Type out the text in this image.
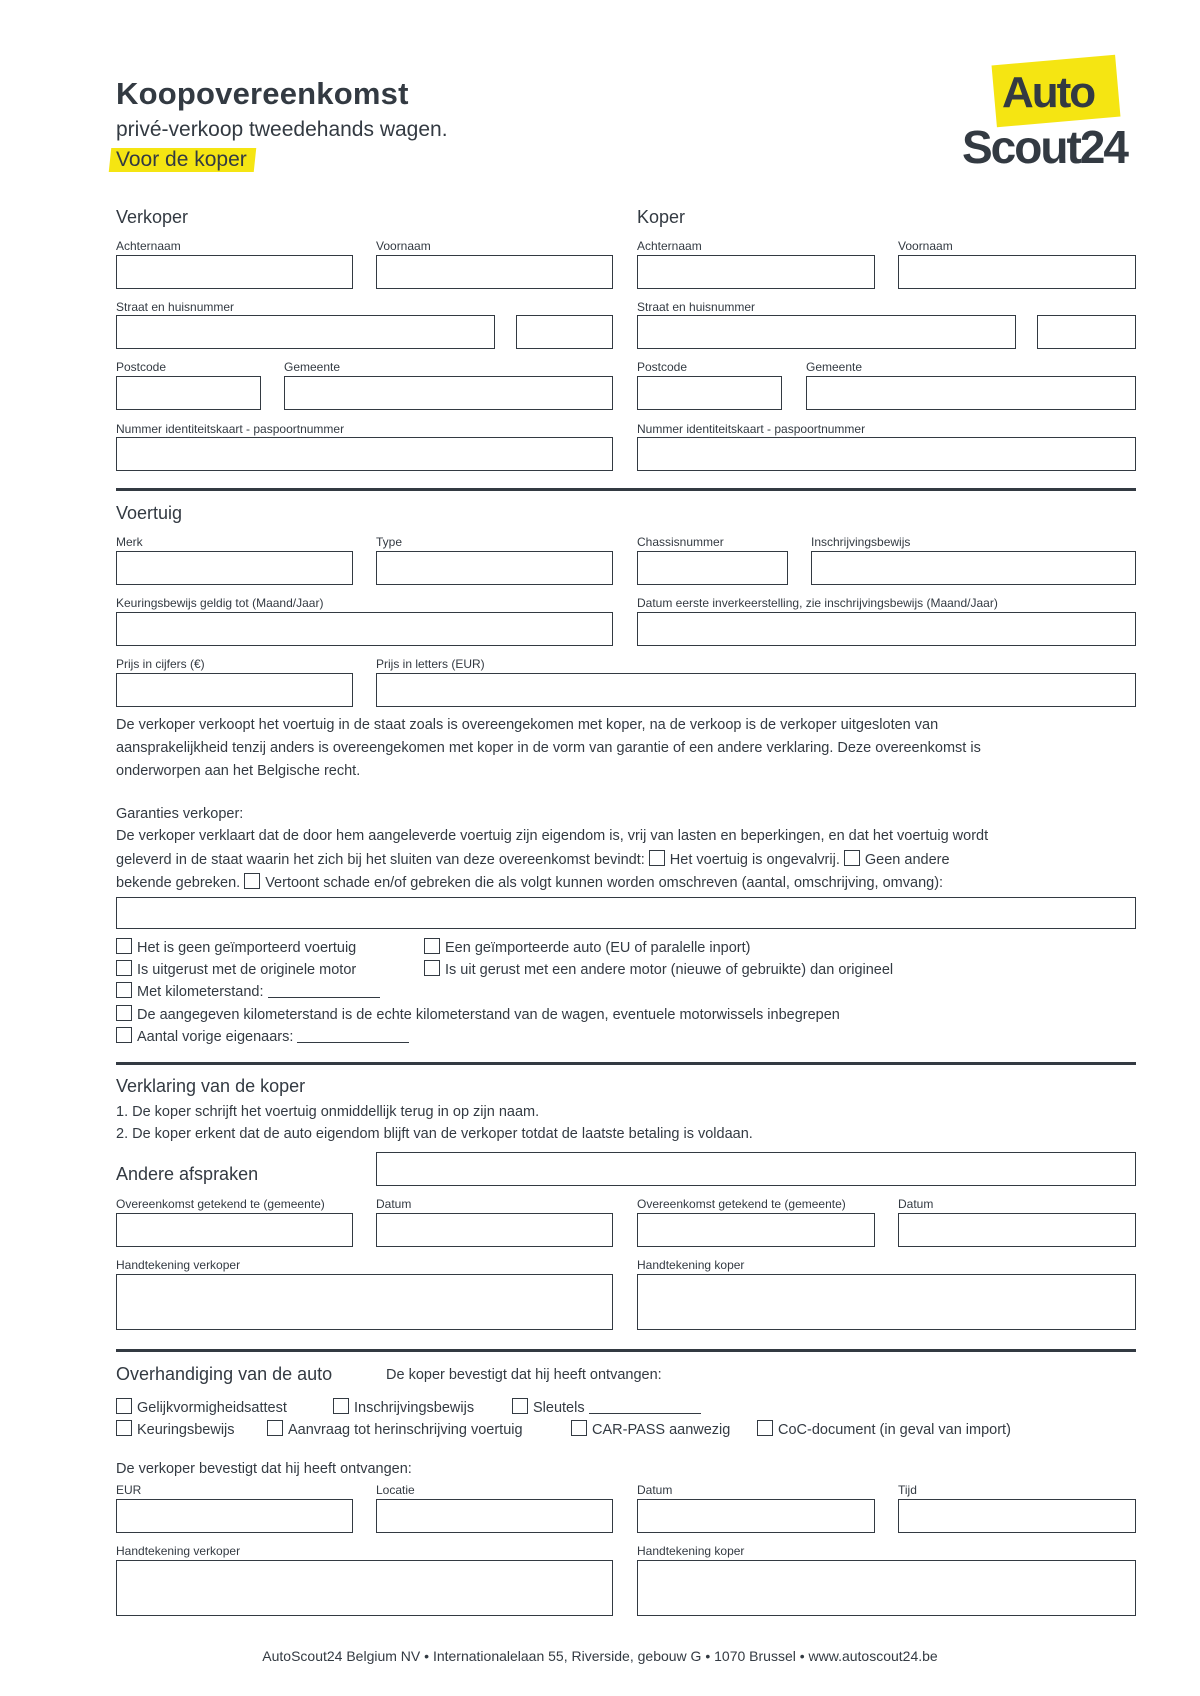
Koopovereenkomst
privé-verkoop tweedehands wagen.
Voor de koper
Auto
Scout24
Verkoper	Koper
Achternaam	Voornaam
Straat en huisnummer
Postcode	Gemeente
Nummer identiteitskaart - paspoortnummer
Achternaam	Voornaam
Straat en huisnummer
Postcode	Gemeente
Nummer identiteitskaart - paspoortnummer
Voertuig
Merk	Type	Chassisnummer	Inschrijvingsbewijs
Keuringsbewijs geldig tot (Maand/Jaar)	Datum eerste inverkeerstelling, zie inschrijvingsbewijs (Maand/Jaar)
Prijs in cijfers (€)	Prijs in letters (EUR)
De verkoper verkoopt het voertuig in de staat zoals is overeengekomen met koper, na de verkoop is de verkoper uitgesloten van
aansprakelijkheid tenzij anders is overeengekomen met koper in de vorm van garantie of een andere verklaring. Deze overeenkomst is
onderworpen aan het Belgische recht.
Garanties verkoper:
De verkoper verklaart dat de door hem aangeleverde voertuig zijn eigendom is, vrij van lasten en beperkingen, en dat het voertuig wordt
geleverd in de staat waarin het zich bij het sluiten van deze overeenkomst bevindt: Het voertuig is ongevalvrij. Geen andere
bekende gebreken. Vertoont schade en/of gebreken die als volgt kunnen worden omschreven (aantal, omschrijving, omvang):
Het is geen geïmporteerd voertuig	Een geïmporteerde auto (EU of paralelle inport)
Is uitgerust met de originele motor	Is uit gerust met een andere motor (nieuwe of gebruikte) dan origineel
Met kilometerstand:
De aangegeven kilometerstand is de echte kilometerstand van de wagen, eventuele motorwissels inbegrepen
Aantal vorige eigenaars:
Verklaring van de koper
1. De koper schrijft het voertuig onmiddellijk terug in op zijn naam.
2. De koper erkent dat de auto eigendom blijft van de verkoper totdat de laatste betaling is voldaan.
Andere afspraken
Overeenkomst getekend te (gemeente)	Datum	Overeenkomst getekend te (gemeente)	Datum
Handtekening verkoper	Handtekening koper
Overhandiging van de auto	De koper bevestigt dat hij heeft ontvangen:
Gelijkvormigheidsattest	Inschrijvingsbewijs	Sleutels
Keuringsbewijs	Aanvraag tot herinschrijving voertuig	CAR-PASS aanwezig	CoC-document (in geval van import)
De verkoper bevestigt dat hij heeft ontvangen:
EUR	Locatie	Datum	Tijd
Handtekening verkoper	Handtekening koper
AutoScout24 Belgium NV • Internationalelaan 55, Riverside, gebouw G • 1070 Brussel • www.autoscout24.be
